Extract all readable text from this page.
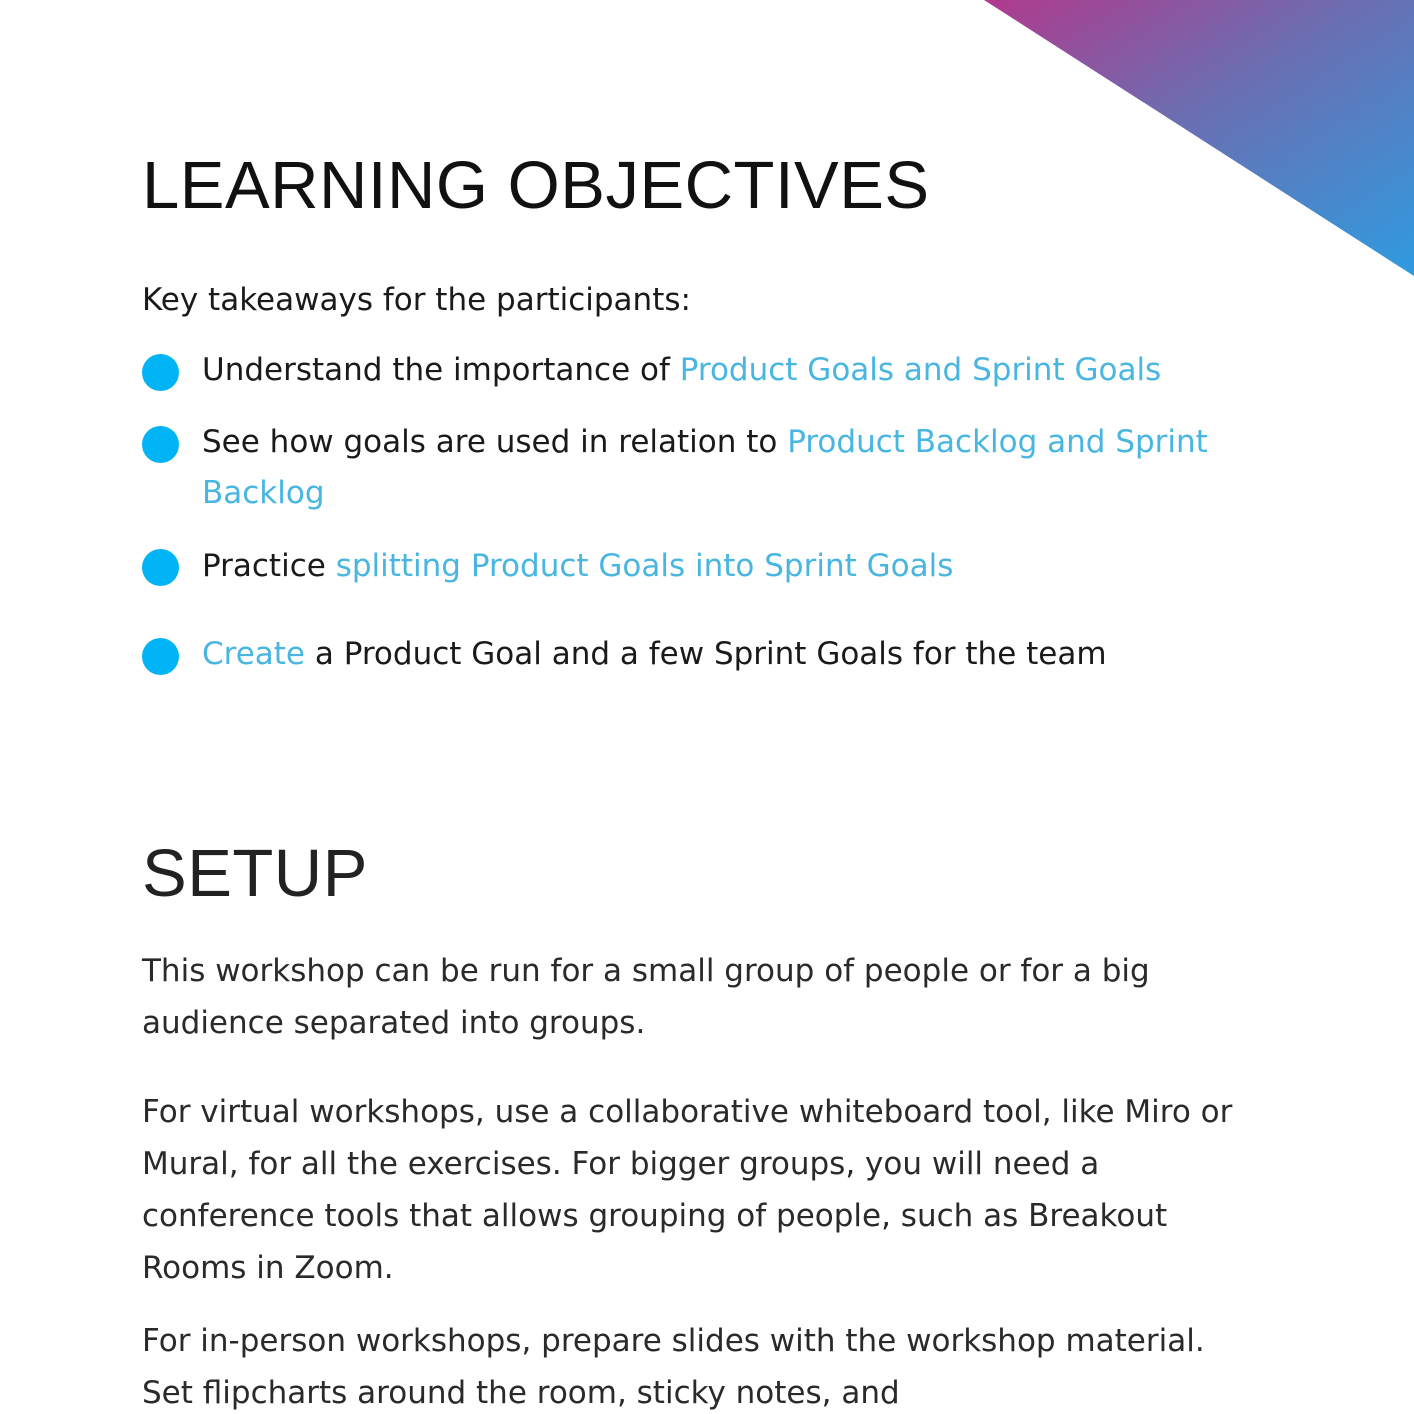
LEARNING OBJECTIVES

Key takeaways for the participants:

Understand the importance of Product Goals and Sprint Goals
See how goals are used in relation to Product Backlog and Sprint Backlog
Practice splitting Product Goals into Sprint Goals
Create a Product Goal and a few Sprint Goals for the team
SETUP

This workshop can be run for a small group of people or for a big audience separated into groups.

For virtual workshops, use a collaborative whiteboard tool, like Miro or Mural, for all the exercises. For bigger groups, you will need a conference tools that allows grouping of people, such as Breakout Rooms in Zoom.

For in-person workshops, prepare slides with the workshop material. Set flipcharts around the room, sticky notes, and
